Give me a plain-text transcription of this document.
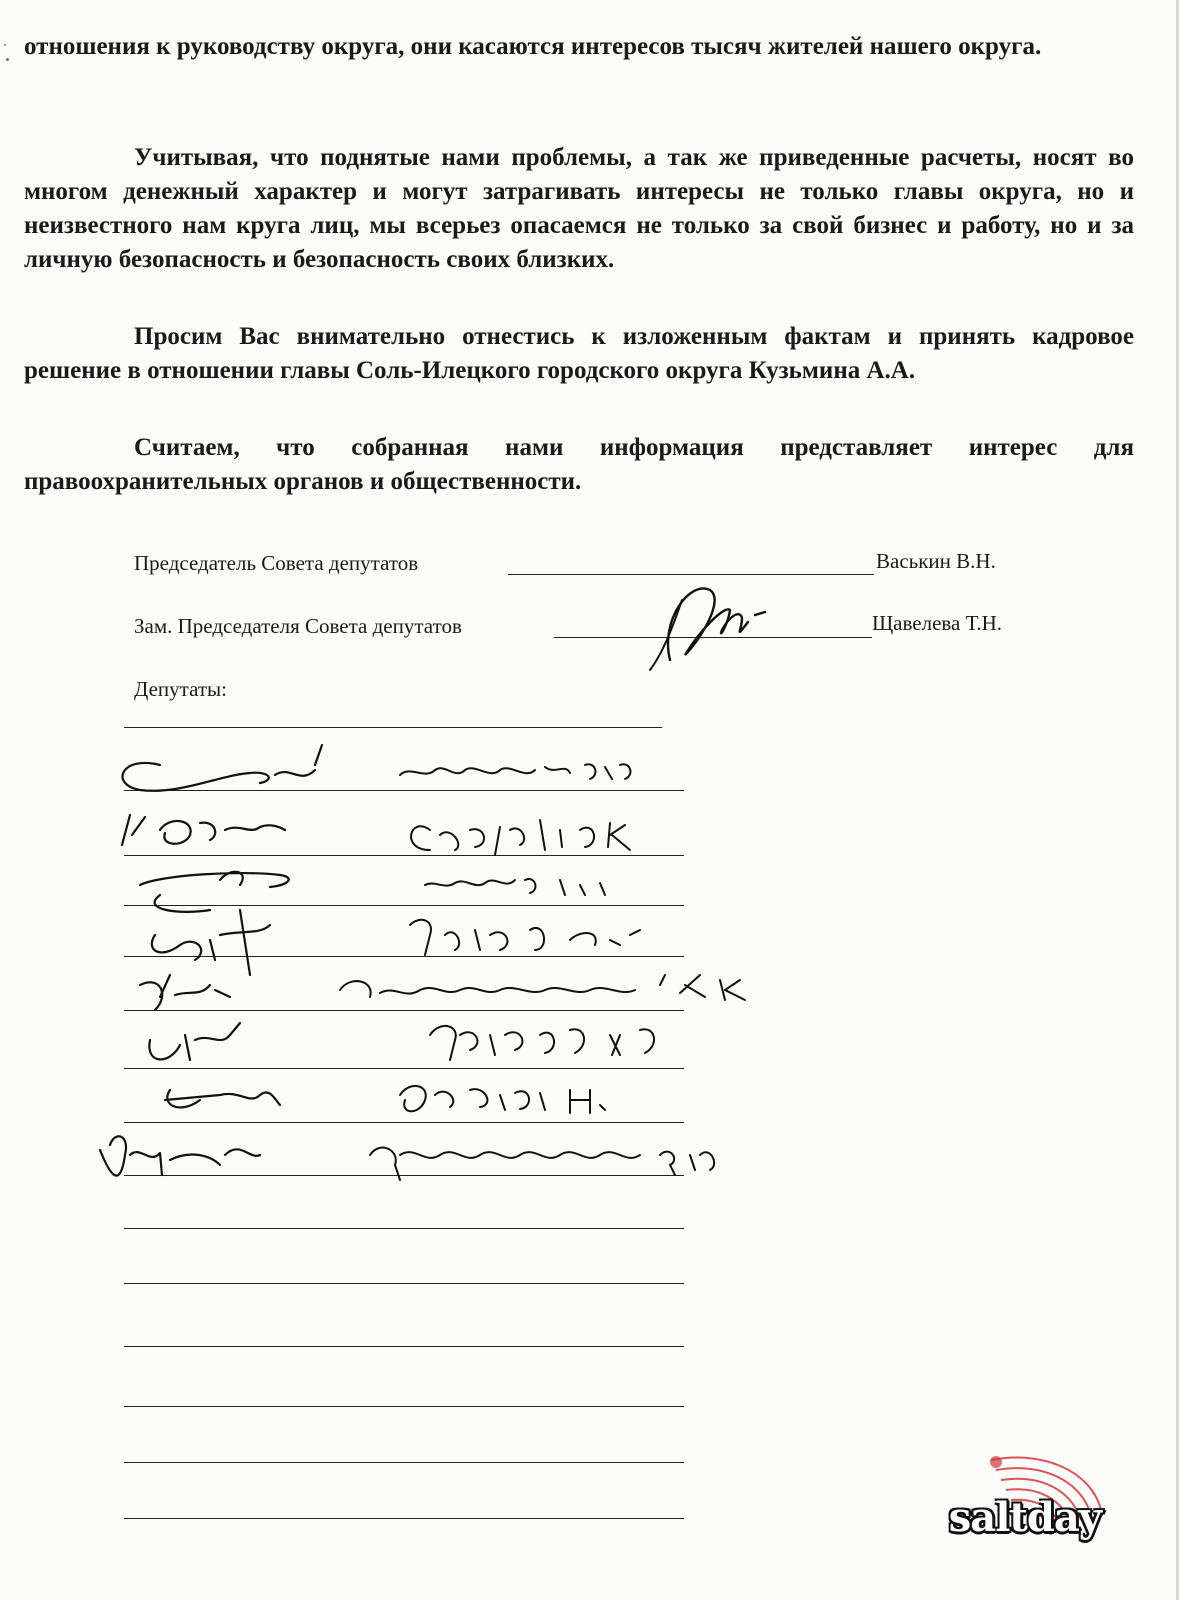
отношения к руководству округа, они касаются интересов тысяч жителей нашего округа.

Учитывая, что поднятые нами проблемы, а так же приведенные расчеты, носят во многом денежный характер и могут затрагивать интересы не только главы округа, но и неизвестного нам круга лиц, мы всерьез опасаемся не только за свой бизнес и работу, но и за личную безопасность и безопасность своих близких.

Просим Вас внимательно отнестись к изложенным фактам и принять кадровое решение в отношении главы Соль-Илецкого городского округа Кузьмина А.А.

Считаем, что собранная нами информация представляет интерес для правоохранительных органов и общественности.

Председатель Совета депутатов	Васькин В.Н.
Зам. Председателя Совета депутатов	Щавелева Т.Н.
Депутаты:
saltday
